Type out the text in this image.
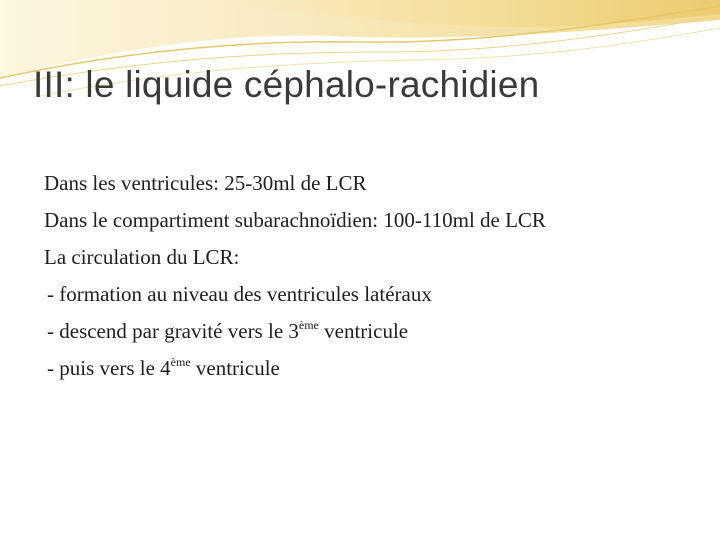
III: le liquide céphalo-rachidien
Dans les ventricules: 25-30ml de LCR
Dans le compartiment subarachnoïdien: 100-110ml de LCR
La circulation du LCR:
- formation au niveau des ventricules latéraux
- descend par gravité vers le 3ème ventricule
- puis vers le 4ème ventricule
